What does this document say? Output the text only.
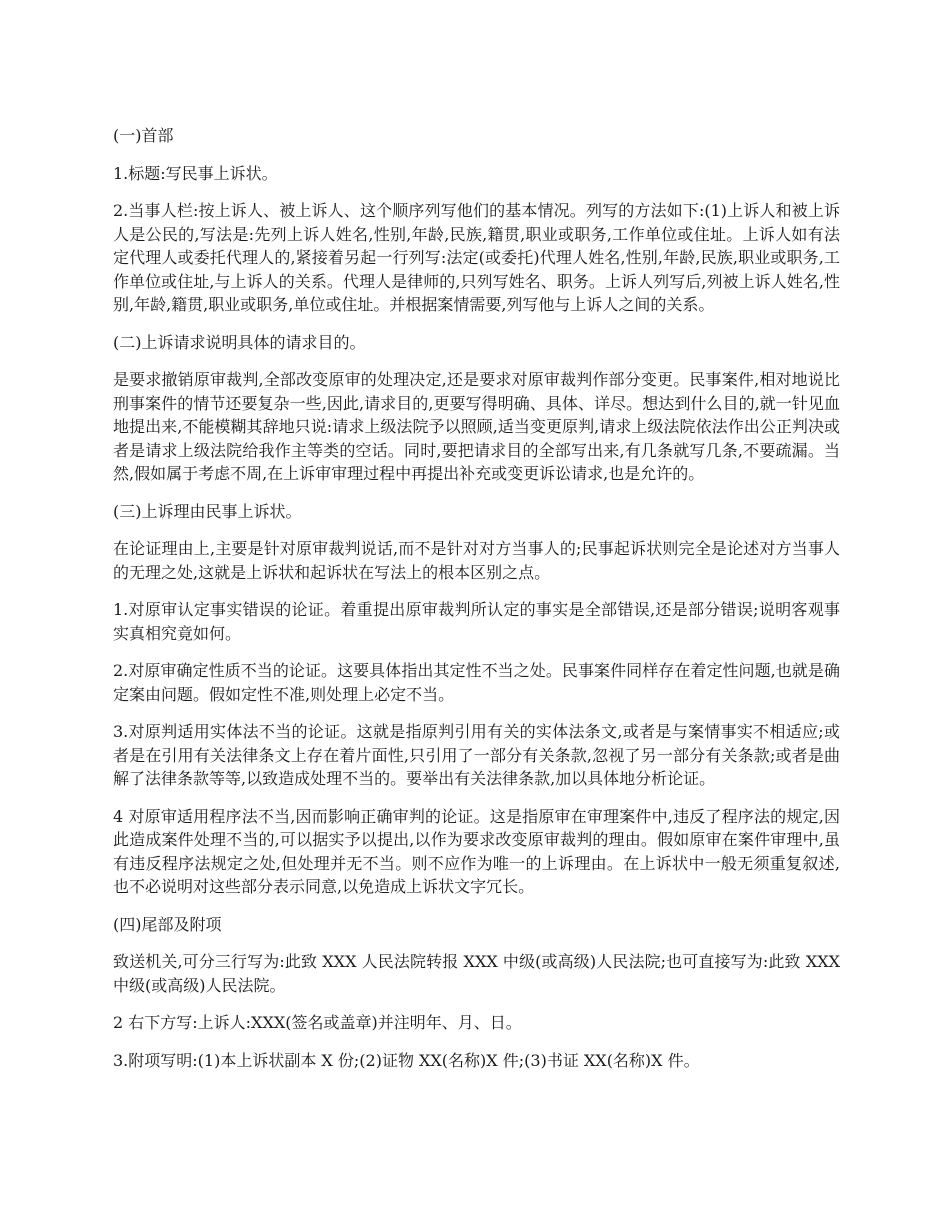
(一)首部

1.标题:写民事上诉状。

2.当事人栏:按上诉人、被上诉人、这个顺序列写他们的基本情况。列写的方法如下:(1)上诉人和被上诉人是公民的,写法是:先列上诉人姓名,性别,年龄,民族,籍贯,职业或职务,工作单位或住址。上诉人如有法定代理人或委托代理人的,紧接着另起一行列写:法定(或委托)代理人姓名,性别,年龄,民族,职业或职务,工作单位或住址,与上诉人的关系。代理人是律师的,只列写姓名、职务。上诉人列写后,列被上诉人姓名,性别,年龄,籍贯,职业或职务,单位或住址。并根据案情需要,列写他与上诉人之间的关系。

(二)上诉请求说明具体的请求目的。

是要求撤销原审裁判,全部改变原审的处理决定,还是要求对原审裁判作部分变更。民事案件,相对地说比刑事案件的情节还要复杂一些,因此,请求目的,更要写得明确、具体、详尽。想达到什么目的,就一针见血地提出来,不能模糊其辞地只说:请求上级法院予以照顾,适当变更原判,请求上级法院依法作出公正判决或者是请求上级法院给我作主等类的空话。同时,要把请求目的全部写出来,有几条就写几条,不要疏漏。当然,假如属于考虑不周,在上诉审审理过程中再提出补充或变更诉讼请求,也是允许的。

(三)上诉理由民事上诉状。

在论证理由上,主要是针对原审裁判说话,而不是针对对方当事人的;民事起诉状则完全是论述对方当事人的无理之处,这就是上诉状和起诉状在写法上的根本区别之点。

1.对原审认定事实错误的论证。着重提出原审裁判所认定的事实是全部错误,还是部分错误;说明客观事实真相究竟如何。

2.对原审确定性质不当的论证。这要具体指出其定性不当之处。民事案件同样存在着定性问题,也就是确定案由问题。假如定性不准,则处理上必定不当。

3.对原判适用实体法不当的论证。这就是指原判引用有关的实体法条文,或者是与案情事实不相适应;或者是在引用有关法律条文上存在着片面性,只引用了一部分有关条款,忽视了另一部分有关条款;或者是曲解了法律条款等等,以致造成处理不当的。要举出有关法律条款,加以具体地分析论证。

4 对原审适用程序法不当,因而影响正确审判的论证。这是指原审在审理案件中,违反了程序法的规定,因此造成案件处理不当的,可以据实予以提出,以作为要求改变原审裁判的理由。假如原审在案件审理中,虽有违反程序法规定之处,但处理并无不当。则不应作为唯一的上诉理由。在上诉状中一般无须重复叙述,也不必说明对这些部分表示同意,以免造成上诉状文字冗长。

(四)尾部及附项

致送机关,可分三行写为:此致 XXX 人民法院转报 XXX 中级(或高级)人民法院;也可直接写为:此致 XXX 中级(或高级)人民法院。

2 右下方写:上诉人:XXX(签名或盖章)并注明年、月、日。

3.附项写明:(1)本上诉状副本 X 份;(2)证物 XX(名称)X 件;(3)书证 XX(名称)X 件。
